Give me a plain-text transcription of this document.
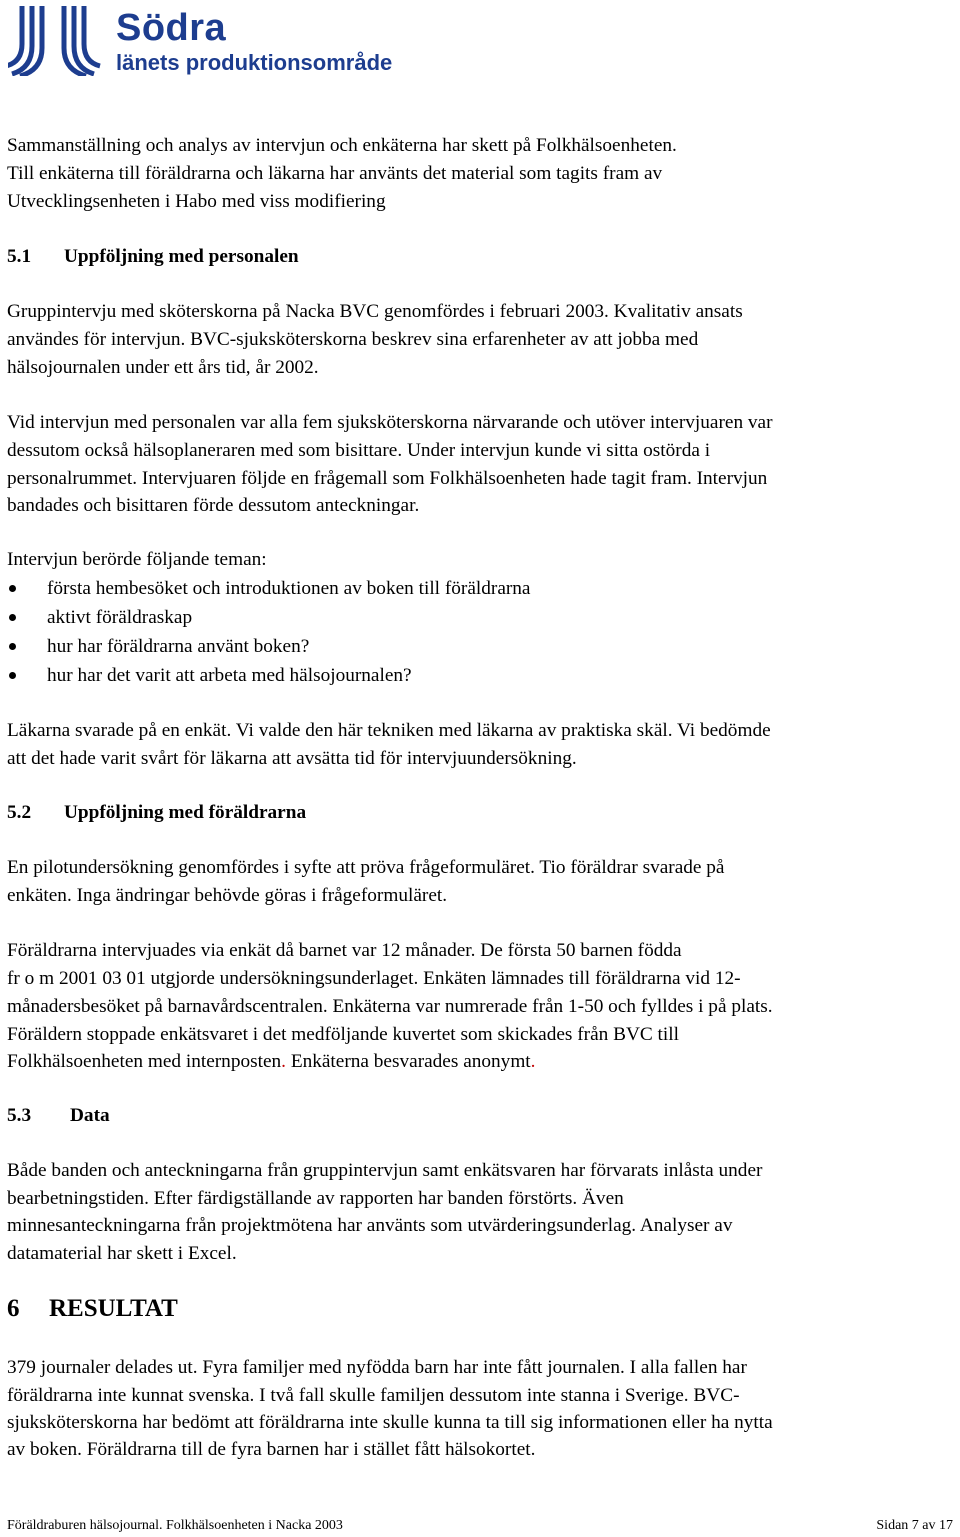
Södra
länets produktionsområde

Sammanställning och analys av intervjun och enkäterna har skett på Folkhälsoenheten.

Till enkäterna till föräldrarna och läkarna har använts det material som tagits fram av

Utvecklingsenheten i Habo med viss modifiering

5.1 Uppföljning med personalen

Gruppintervju med sköterskorna på Nacka BVC genomfördes i februari 2003. Kvalitativ ansats

användes för intervjun. BVC-sjuksköterskorna beskrev sina erfarenheter av att jobba med

hälsojournalen under ett års tid, år 2002.

Vid intervjun med personalen var alla fem sjuksköterskorna närvarande och utöver intervjuaren var

dessutom också hälsoplaneraren med som bisittare. Under intervjun kunde vi sitta ostörda i

personalrummet. Intervjuaren följde en frågemall som Folkhälsoenheten hade tagit fram. Intervjun

bandades och bisittaren förde dessutom anteckningar.

Intervjun berörde följande teman:

första hembesöket och introduktionen av boken till föräldrarna
aktivt föräldraskap
hur har föräldrarna använt boken?
hur har det varit att arbeta med hälsojournalen?

Läkarna svarade på en enkät. Vi valde den här tekniken med läkarna av praktiska skäl. Vi bedömde

att det hade varit svårt för läkarna att avsätta tid för intervjuundersökning.

5.2 Uppföljning med föräldrarna

En pilotundersökning genomfördes i syfte att pröva frågeformuläret. Tio föräldrar svarade på

enkäten. Inga ändringar behövde göras i frågeformuläret.

Föräldrarna intervjuades via enkät då barnet var 12 månader. De första 50 barnen födda

fr o m 2001 03 01 utgjorde undersökningsunderlaget. Enkäten lämnades till föräldrarna vid 12-

månadersbesöket på barnavårdscentralen. Enkäterna var numrerade från 1-50 och fylldes i på plats.

Föräldern stoppade enkätsvaret i det medföljande kuvertet som skickades från BVC till

Folkhälsoenheten med internposten. Enkäterna besvarades anonymt.

5.3 Data

Både banden och anteckningarna från gruppintervjun samt enkätsvaren har förvarats inlåsta under

bearbetningstiden. Efter färdigställande av rapporten har banden förstörts. Även

minnesanteckningarna från projektmötena har använts som utvärderingsunderlag. Analyser av

datamaterial har skett i Excel.

6 RESULTAT

379 journaler delades ut. Fyra familjer med nyfödda barn har inte fått journalen. I alla fallen har

föräldrarna inte kunnat svenska. I två fall skulle familjen dessutom inte stanna i Sverige. BVC-

sjuksköterskorna har bedömt att föräldrarna inte skulle kunna ta till sig informationen eller ha nytta

av boken. Föräldrarna till de fyra barnen har i stället fått hälsokortet.

Föräldraburen hälsojournal. Folkhälsoenheten i Nacka 2003	Sidan 7 av 17
